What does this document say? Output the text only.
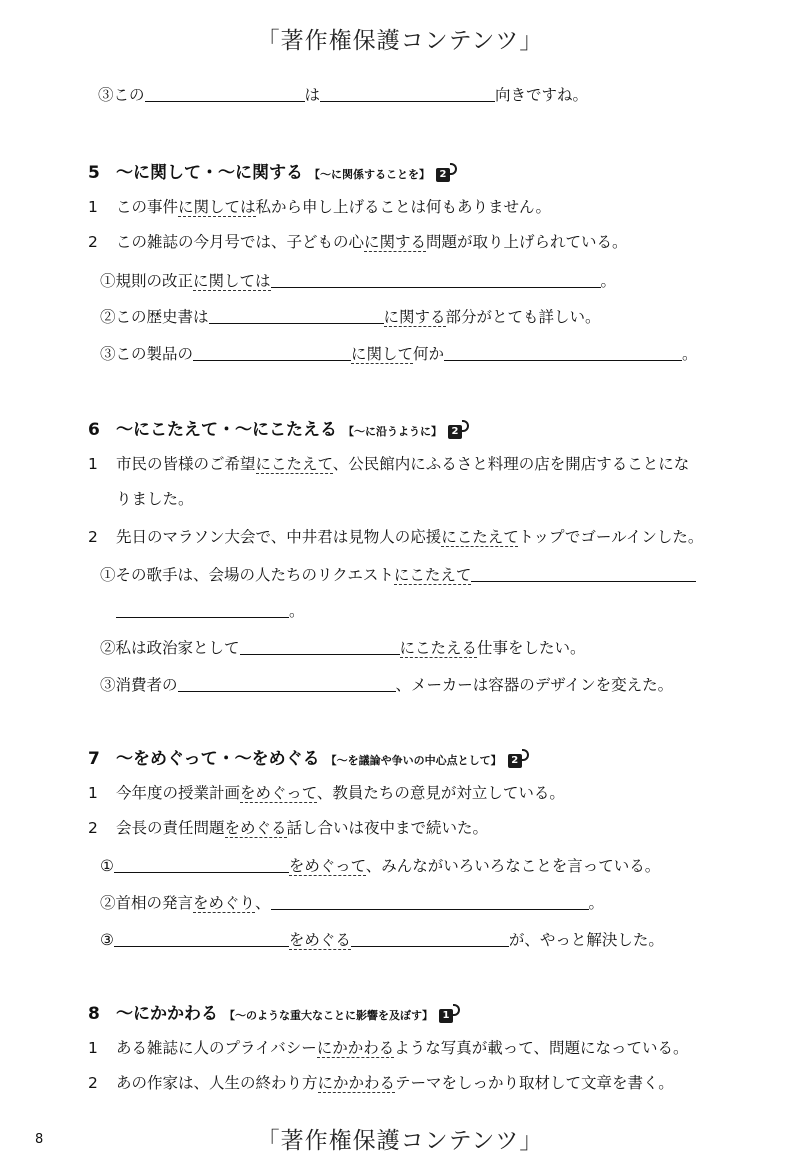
「著作権保護コンテンツ」
③この	は	向きですね。
5 〜に関して・〜に関する 【〜に関係することを】 2
1 この事件に関しては私から申し上げることは何もありません。
2 この雑誌の今月号では、子どもの心に関する問題が取り上げられている。
①規則の改正に関しては	。
②この歴史書は	に関する部分がとても詳しい。
③この製品の	に関して何か	。
6 〜にこたえて・〜にこたえる 【〜に沿うように】 2
1 市民の皆様のご希望にこたえて、公民館内にふるさと料理の店を開店することにな
りました。
2 先日のマラソン大会で、中井君は見物人の応援にこたえてトップでゴールインした。
①その歌手は、会場の人たちのリクエストにこたえて
。
②私は政治家として	にこたえる仕事をしたい。
③消費者の	、メーカーは容器のデザインを変えた。
7 〜をめぐって・〜をめぐる 【〜を議論や争いの中心点として】 2
1 今年度の授業計画をめぐって、教員たちの意見が対立している。
2 会長の責任問題をめぐる話し合いは夜中まで続いた。
①	をめぐって、みんながいろいろなことを言っている。
②首相の発言をめぐり、	。
③	をめぐる	が、やっと解決した。
8 〜にかかわる 【〜のような重大なことに影響を及ぼす】 1
1 ある雑誌に人のプライバシーにかかわるような写真が載って、問題になっている。
2 あの作家は、人生の終わり方にかかわるテーマをしっかり取材して文章を書く。
8	「著作権保護コンテンツ」
